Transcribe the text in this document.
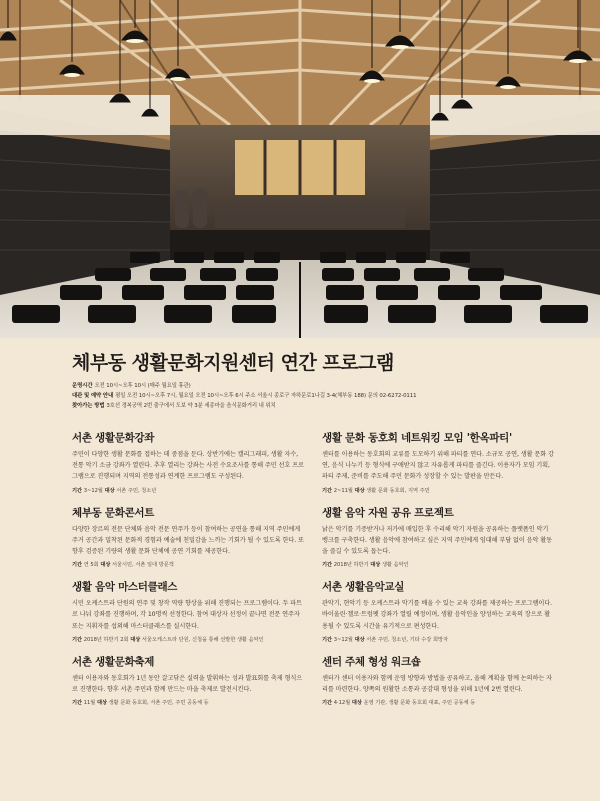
체부동 생활문화지원센터 연간 프로그램
운영시간 오전 10시~오후 10시 (매주 월요일 휴관)
대관 및 예약 안내 평일 오전 10시~오후 7시, 월요일 오전 10시~오후 6시 주소 서울시 종로구 자하문로1나길 3-4(체부동 188) 문의 02-6272-0111
찾아가는 방법 3호선 경복궁역 2번 출구에서 도보 약 3분 세종마을 음식문화거리 내 위치
서촌 생활문화강좌

주민이 다양한 생활 문화를 접하는 데 중점을 둔다. 상반기에는 캘리그래피, 생활 자수, 전통 악기 소금 강좌가 열린다. 추후 열리는 강좌는 사전 수요조사를 통해 주민 선호 프로그램으로 진행되며 지역의 전통성과 연계한 프로그램도 구성된다.

기간 3~12월 대상 서촌 주민, 청소년
체부동 문화콘서트

다양한 장르의 전문 단체와 음악 전문 연주가 등이 참여하는 공연을 통해 지역 주민에게 주거 공간과 밀착된 문화적 경험과 예술에 친밀감을 느끼는 기회가 될 수 있도록 한다. 또 향후 검증된 기량의 생활 문화 단체에 공연 기회를 제공한다.

기간 연 5회 대상 서울시민, 서촌 일대 방문객
생활 음악 마스터클래스

시민 오케스트라 단원의 연주 및 창작 역량 향상을 위해 진행되는 프로그램이다. 두 파트로 나눠 강좌를 진행하며, 각 10명씩 선정한다. 참여 대상자 선정이 끝나면 전문 연주자 또는 지휘자를 섭외해 마스터클래스를 실시한다.

기간 2018년 하반기 2회 대상 서울오케스트라 단원, 신청을 통해 선발한 생활 음악인
서촌 생활문화축제

센터 이용자와 동호회가 1년 동안 갈고닦은 실력을 발휘하는 성과 발표회를 축제 형식으로 진행한다. 향후 서촌 주민과 함께 만드는 마을 축제로 발전시킨다.

기간 11월 대상 생활 문화 동호회, 서촌 주민, 주민 공동체 등
생활 문화 동호회 네트워킹 모임 '한옥파티'

센터를 이용하는 동호회의 교류를 도모하기 위해 파티를 연다. 소규모 공연, 생활 문화 강연, 음식 나누기 등 형식에 구애받지 않고 자유롭게 파티를 즐긴다. 이용자가 모임 기획, 파티 주제, 준비를 주도해 주민 문화가 성장할 수 있는 발판을 만든다.

기간 2~11월 대상 생활 문화 동호회, 지역 주민
생활 음악 자원 공유 프로젝트

낡은 악기를 기증받거나 저가에 매입한 후 수리해 악기 자원을 공유하는 플랫폼인 악기 뱅크를 구축한다. 생활 음악에 참여하고 싶은 지역 주민에게 임대해 부담 없이 음악 활동을 즐길 수 있도록 돕는다.

기간 2018년 하반기 대상 생활 음악인
서촌 생활음악교실

관악기, 현악기 등 오케스트라 악기를 배울 수 있는 교육 강좌를 제공하는 프로그램이다. 바이올린·첼로·트럼펫 강좌가 열릴 예정이며, 생활 음악인을 양성하는 교육의 장으로 활용될 수 있도록 시간을 유기적으로 편성한다.

기간 3~12월 대상 서촌 주민, 청소년, 기타 수강 희망자
센터 주체 형성 워크숍

센터가 센터 이용자와 함께 운영 방향과 방법을 공유하고, 올해 계획을 함께 논의하는 자리를 마련한다. 양쪽의 원활한 소통과 공감대 형성을 위해 1년에 2번 열린다.

기간 4·12월 대상 운영 기관, 생활 문화 동호회 대표, 주민 공동체 등
